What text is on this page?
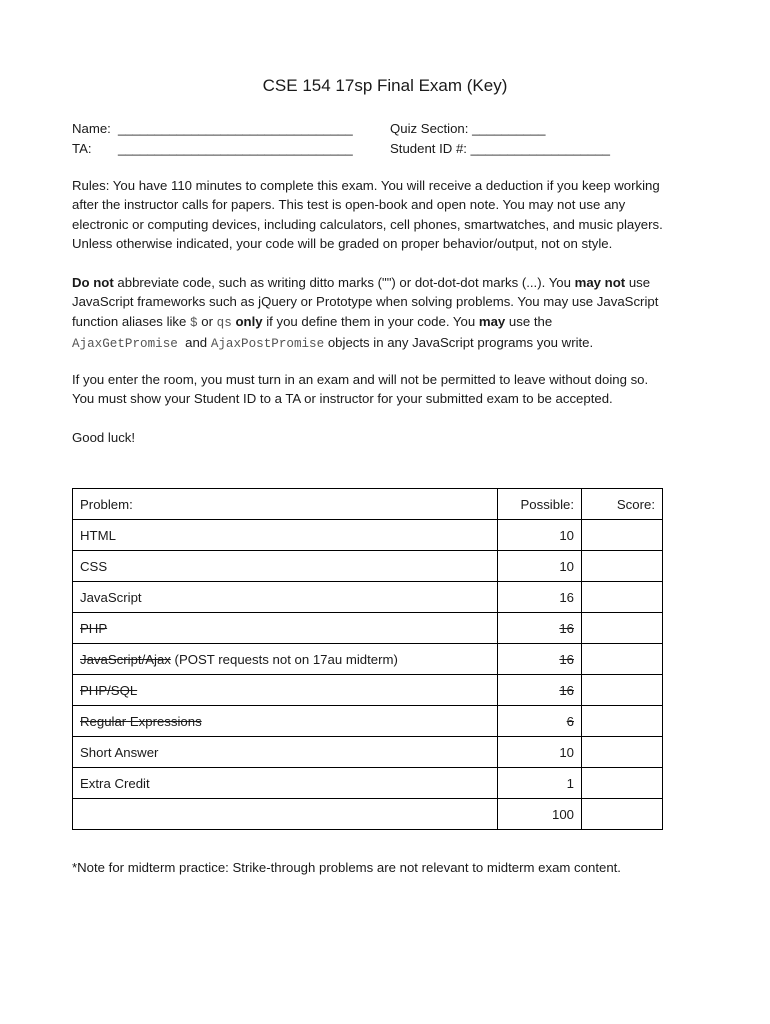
CSE 154 17sp Final Exam (Key)
Name: ________________________________	Quiz Section: __________
TA: ________________________________	Student ID #: ___________________
Rules: You have 110 minutes to complete this exam. You will receive a deduction if you keep working
after the instructor calls for papers. This test is open-book and open note. You may not use any
electronic or computing devices, including calculators, cell phones, smartwatches, and music players.
Unless otherwise indicated, your code will be graded on proper behavior/output, not on style.
Do not abbreviate code, such as writing ditto marks ("") or dot-dot-dot marks (...). You may not use
JavaScript frameworks such as jQuery or Prototype when solving problems. You may use JavaScript
function aliases like $ or qs only if you define them in your code. You may use the
AjaxGetPromise  and AjaxPostPromise objects in any JavaScript programs you write.
If you enter the room, you must turn in an exam and will not be permitted to leave without doing so.
You must show your Student ID to a TA or instructor for your submitted exam to be accepted.
Good luck!
Problem:	Possible:	Score:
HTML	10	
CSS	10	
JavaScript	16	
PHP	16	
JavaScript/Ajax (POST requests not on 17au midterm)	16	
PHP/SQL	16	
Regular Expressions	6	
Short Answer	10	
Extra Credit	1	
	100	
*Note for midterm practice: Strike-through problems are not relevant to midterm exam content.
